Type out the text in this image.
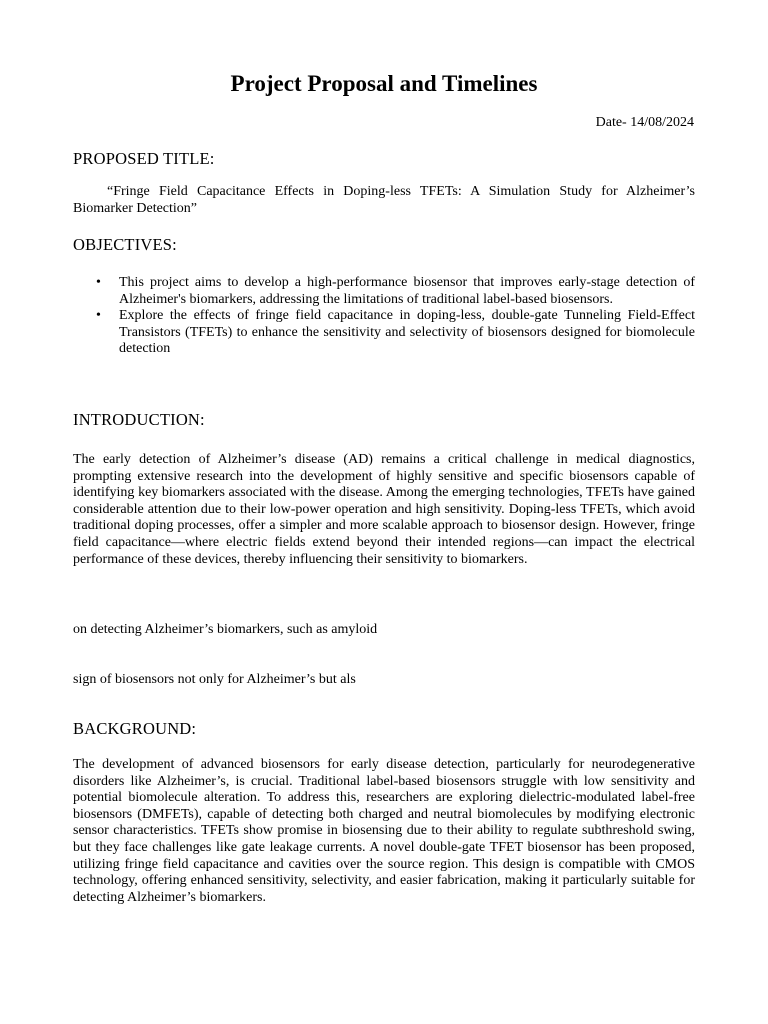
Project Proposal and Timelines
Date- 14/08/2024
PROPOSED TITLE:

“Fringe Field Capacitance Effects in Doping-less TFETs: A Simulation Study for Alzheimer’s Biomarker Detection”

OBJECTIVES:
• This project aims to develop a high-performance biosensor that improves early-stage detection of Alzheimer's biomarkers, addressing the limitations of traditional label-based biosensors.
• Explore the effects of fringe field capacitance in doping-less, double-gate Tunneling Field-Effect Transistors (TFETs) to enhance the sensitivity and selectivity of biosensors designed for biomolecule detection
INTRODUCTION:

The early detection of Alzheimer’s disease (AD) remains a critical challenge in medical diagnostics, prompting extensive research into the development of highly sensitive and specific biosensors capable of identifying key biomarkers associated with the disease. Among the emerging technologies, TFETs have gained considerable attention due to their low-power operation and high sensitivity. Doping-less TFETs, which avoid traditional doping processes, offer a simpler and more scalable approach to biosensor design. However, fringe field capacitance—where electric fields extend beyond their intended regions—can impact the electrical performance of these devices, thereby influencing their sensitivity to biomarkers.

on detecting Alzheimer’s biomarkers, such as amyloid

sign of biosensors not only for Alzheimer’s but als

BACKGROUND:

The development of advanced biosensors for early disease detection, particularly for neurodegenerative disorders like Alzheimer’s, is crucial. Traditional label-based biosensors struggle with low sensitivity and potential biomolecule alteration. To address this, researchers are exploring dielectric-modulated label-free biosensors (DMFETs), capable of detecting both charged and neutral biomolecules by modifying electronic sensor characteristics. TFETs show promise in biosensing due to their ability to regulate subthreshold swing, but they face challenges like gate leakage currents. A novel double-gate TFET biosensor has been proposed, utilizing fringe field capacitance and cavities over the source region. This design is compatible with CMOS technology, offering enhanced sensitivity, selectivity, and easier fabrication, making it particularly suitable for detecting Alzheimer’s biomarkers.
